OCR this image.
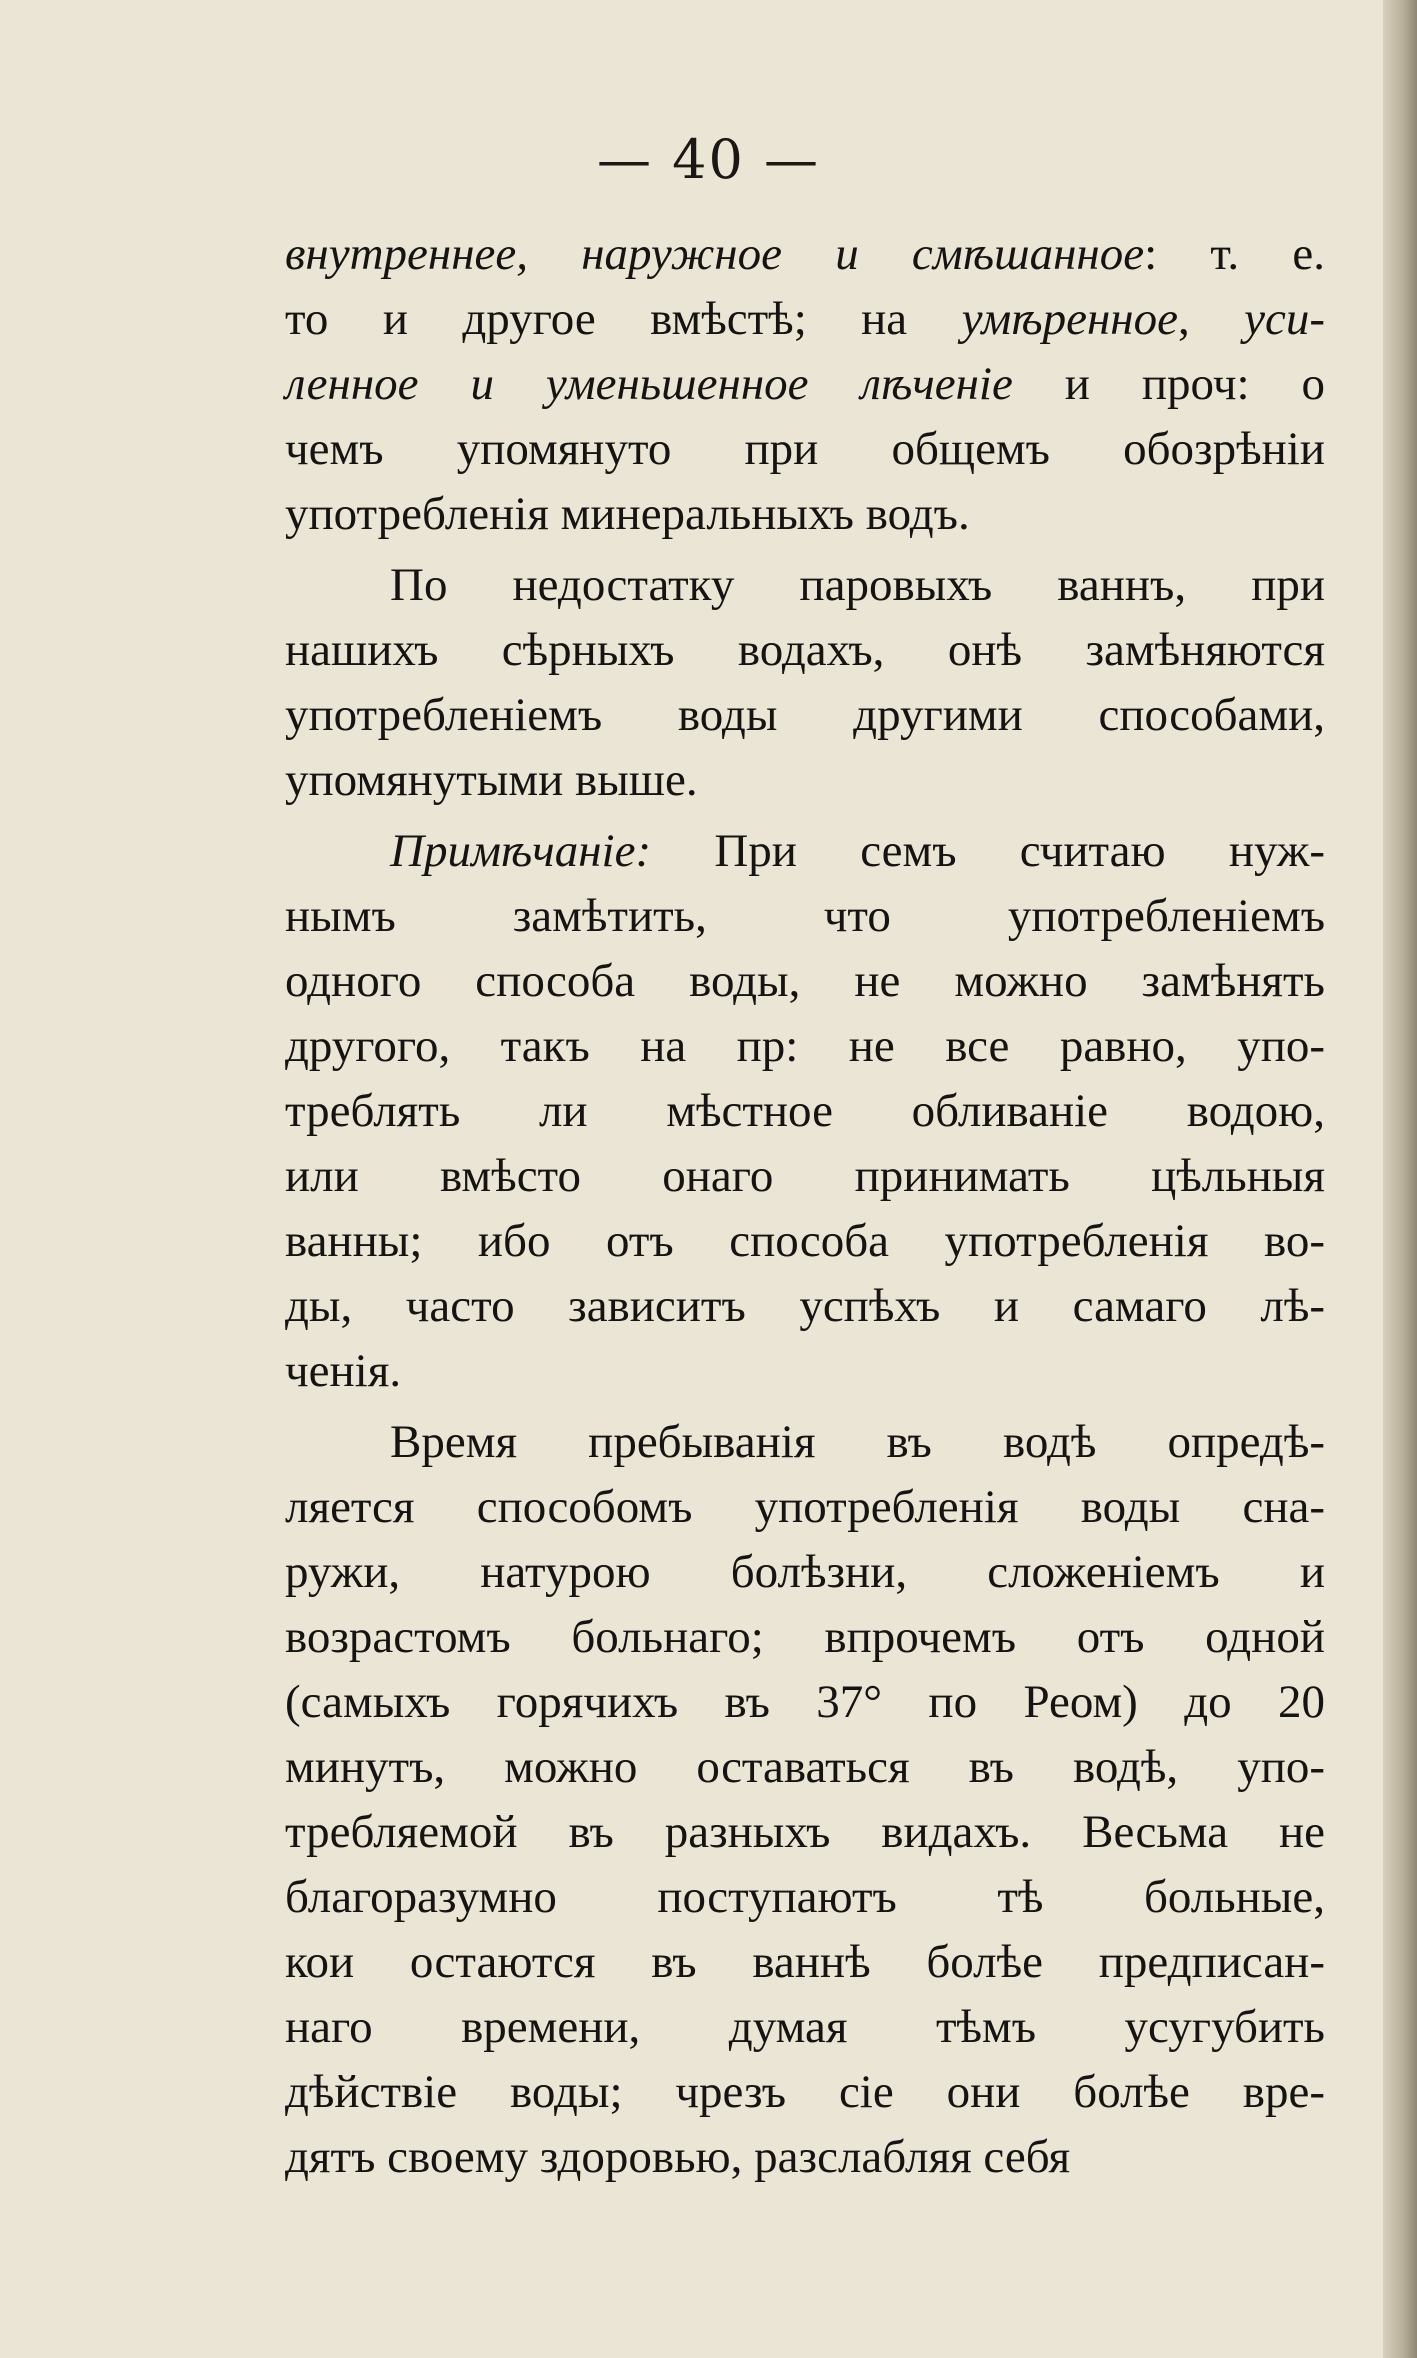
— 40 —
внутреннее, наружное и смѣшанное: т. е.
то и другое вмѣстѣ; на умѣренное, уси-
ленное и уменьшенное лѣченіе и проч: о
чемъ упомянуто при общемъ обозрѣніи
употребленія минеральныхъ водъ.
По недостатку паровыхъ ваннъ, при
нашихъ сѣрныхъ водахъ, онѣ замѣняются
употребленіемъ воды другими способами,
упомянутыми выше.
Примѣчаніе: При семъ считаю нуж-
нымъ замѣтить, что употребленіемъ
одного способа воды, не можно замѣнять
другого, такъ на пр: не все равно, упо-
треблять ли мѣстное обливаніе водою,
или вмѣсто онаго принимать цѣльныя
ванны; ибо отъ способа употребленія во-
ды, часто зависитъ успѣхъ и самаго лѣ-
ченія.
Время пребыванія въ водѣ опредѣ-
ляется способомъ употребленія воды сна-
ружи, натурою болѣзни, сложеніемъ и
возрастомъ больнаго; впрочемъ отъ одной
(самыхъ горячихъ въ 37° по Реом) до 20
минутъ, можно оставаться въ водѣ, упо-
требляемой въ разныхъ видахъ. Весьма не
благоразумно поступаютъ тѣ больные,
кои остаются въ ваннѣ болѣе предписан-
наго времени, думая тѣмъ усугубить
дѣйствіе воды; чрезъ сіе они болѣе вре-
дятъ своему здоровью, разслабляя себя
